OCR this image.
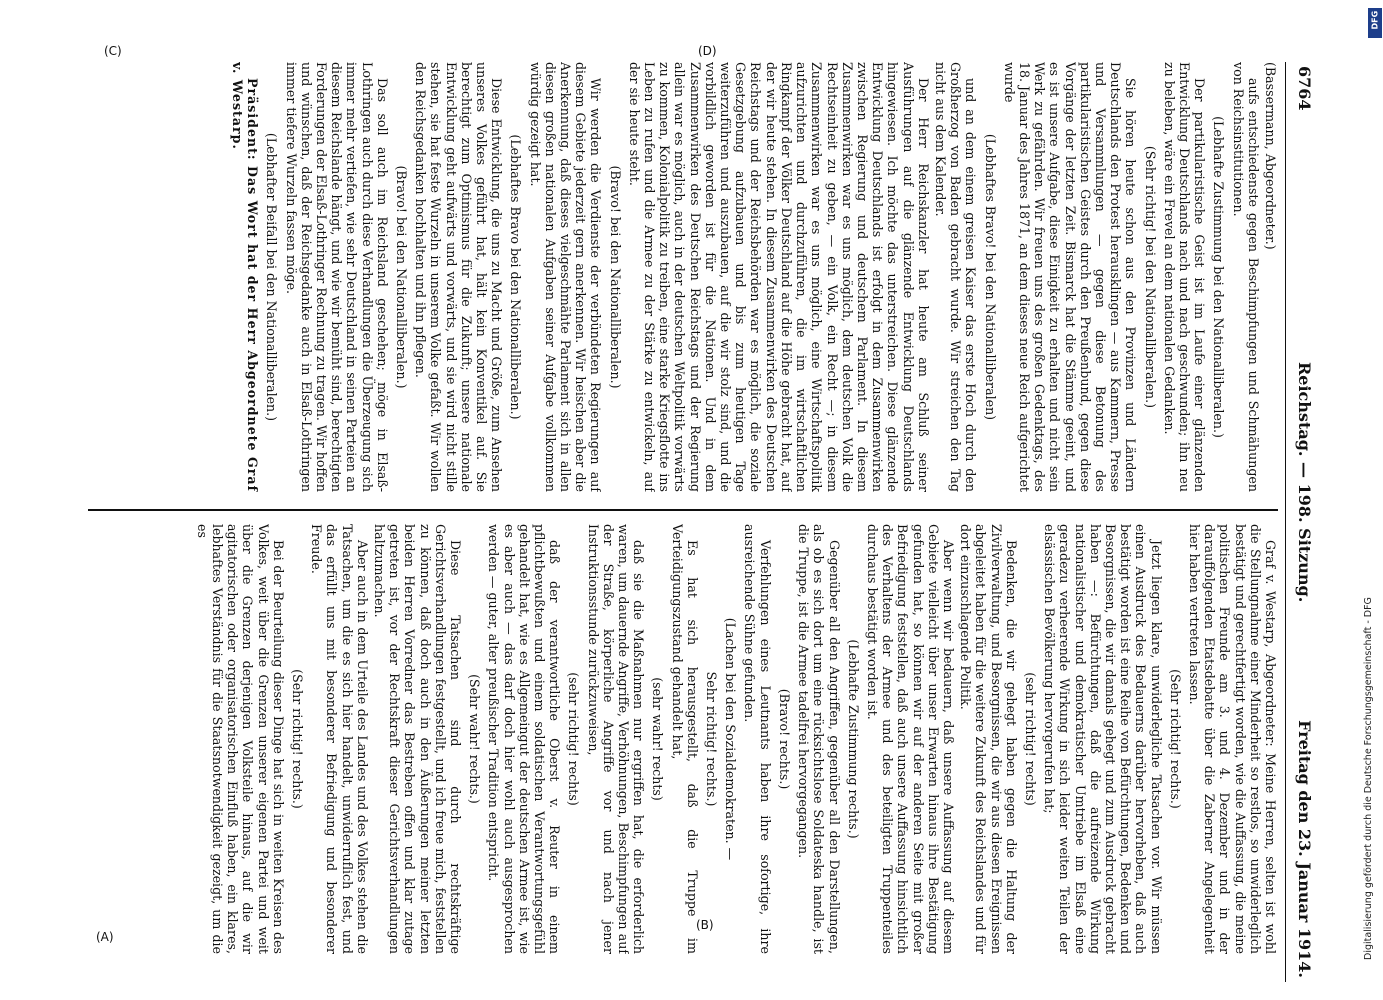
6764
Reichstag. — 198. Sitzung.
Freitag den 23. Januar 1914.

(Bassermann, Abgeordneter.)

aufs entschiedenste gegen Beschimpfungen und Schmähungen von Reichsinstitutionen.

(Lebhafte Zustimmung bei den Nationalliberalen.)

Der partikularistische Geist ist im Laufe einer glänzenden Entwicklung Deutschlands nach und nach geschwunden; ihn neu zu beleben, wäre ein Frevel an dem nationalen Gedanken.

(Sehr richtig! bei den Nationalliberalen.)

Sie hören heute schon aus den Provinzen und Ländern Deutschlands den Protest herausklingen — aus Kammern, Presse und Versammlungen — gegen diese Betonung des partikularistischen Geistes durch den Preußenbund, gegen diese Vorgänge der letzten Zeit. Bismarck hat die Stämme geeint, und es ist unsere Aufgabe, diese Einigkeit zu erhalten und nicht sein Werk zu gefährden. Wir freuen uns des großen Gedenktags, des 18. Januar des Jahres 1871, an dem dieses neue Reich aufgerichtet wurde

(Lebhaftes Bravo! bei den Nationalliberalen)

und an dem einem greisen Kaiser das erste Hoch durch den Großherzog von Baden gebracht wurde. Wir streichen den Tag nicht aus dem Kalender.

Der Herr Reichskanzler hat heute am Schluß seiner Ausführungen auf die glänzende Entwicklung Deutschlands hingewiesen. Ich möchte das unterstreichen. Diese glänzende Entwicklung Deutschlands ist erfolgt in dem Zusammenwirken zwischen Regierung und deutschem Parlament. In diesem Zusammenwirken war es uns möglich, dem deutschen Volk die Rechtseinheit zu geben, — ein Volk, ein Recht —; in diesem Zusammenwirken war es uns möglich, eine Wirtschaftspolitik aufzurichten und durchzuführen, die im wirtschaftlichen Ringkampf der Völker Deutschland auf die Höhe gebracht hat, auf der wir heute stehen. In diesem Zusammenwirken des Deutschen Reichstags und der Reichsbehörden war es möglich, die soziale Gesetzgebung aufzubauen und bis zum heutigen Tage weiterzuführen und auszubauen, auf die wir stolz sind, und die vorbildlich geworden ist für die Nationen. Und in dem Zusammenwirken des Deutschen Reichstags und der Regierung allein war es möglich, auch in der deutschen Weltpolitik vorwärts zu kommen, Kolonialpolitik zu treiben, eine starke Kriegsflotte ins Leben zu rufen und die Armee zu der Stärke zu entwickeln, auf der sie heute steht.

(Bravo! bei den Nationalliberalen.)

Wir werden die Verdienste der verbündeten Regierungen auf diesem Gebiete jederzeit gern anerkennen. Wir heischen aber die Anerkennung, daß dieses vielgeschmähte Parlament sich in allen diesen großen nationalen Aufgaben seiner Aufgabe vollkommen würdig gezeigt hat.

(Lebhaftes Bravo bei den Nationalliberalen.)

Diese Entwicklung, die uns zu Macht und Größe, zum Ansehen unseres Volkes geführt hat, hält kein Konventikel auf. Sie berechtigt zum Optimismus für die Zukunft; unsere nationale Entwicklung geht aufwärts und vorwärts, und sie wird nicht stille stehen, sie hat feste Wurzeln in unserem Volke gefaßt. Wir wollen den Reichsgedanken hochhalten und ihn pflegen.

(Bravo! bei den Nationalliberalen.)

Das soll auch im Reichsland geschehen; möge in Elsaß-Lothringen auch durch diese Verhandlungen die Überzeugung sich immer mehr vertiefen, wie sehr Deutschland in seinen Parteien an diesem Reichslande hängt, und wie wir bemüht sind, berechtigten Forderungen der Elsaß-Lothringer Rechnung zu tragen. Wir hoffen und wünschen, daß der Reichsgedanke auch in Elsaß-Lothringen immer tiefere Wurzeln fassen möge.

(Lebhafter Beifall bei den Nationalliberalen.)

Präsident: Das Wort hat der Herr Abgeordnete Graf v. Westarp.

Graf v. Westarp, Abgeordneter: Meine Herren, selten ist wohl die Stellungnahme einer Minderheit so restlos, so unwiderleglich bestätigt und gerechtfertigt worden, wie die Auffassung, die meine politischen Freunde am 3. und 4. Dezember und in der darauffolgenden Etatsdebatte über die Zaberner Angelegenheit hier haben vertreten lassen.

(Sehr richtig! rechts.)

Jetzt liegen klare, unwiderlegliche Tatsachen vor. Wir müssen einen Ausdruck des Bedauerns darüber hervorheben, daß auch bestätigt worden ist eine Reihe von Befürchtungen, Bedenken und Besorgnissen, die wir damals gehegt und zum Ausdruck gebracht haben —: Befürchtungen, daß die aufreizende Wirkung nationalistischer und demokratischer Umtriebe im Elsaß eine geradezu verheerende Wirkung in sich leider weiten Teilen der elsässischen Bevölkerung hervorgerufen hat;

(sehr richtig! rechts)

Bedenken, die wir gehegt haben gegen die Haltung der Zivilverwaltung, und Besorgnissen, die wir aus diesen Ereignissen abgeleitet haben für die weitere Zukunft des Reichslandes und für dort einzuschlagende Politik.

Aber wenn wir bedauern, daß unsere Auffassung auf diesem Gebiete vielleicht über unser Erwarten hinaus ihre Bestätigung gefunden hat, so können wir auf der anderen Seite mit großer Befriedigung feststellen, daß auch unsere Auffassung hinsichtlich des Verhaltens der Armee und des beteiligten Truppenteiles durchaus bestätigt worden ist.

(Lebhafte Zustimmung rechts.)

Gegenüber all den Angriffen, gegenüber all den Darstellungen, als ob es sich dort um eine rücksichtslose Soldateska handle, ist die Truppe, ist die Armee tadelfrei hervorgegangen.

(Bravo! rechts.)

Verfehlungen eines Leutnants haben ihre sofortige, ihre ausreichende Sühne gefunden.

(Lachen bei den Sozialdemokraten. —

Sehr richtig! rechts.)

Es hat sich herausgestellt, daß die Truppe im Verteidigungszustand gehandelt hat,

(sehr wahr! rechts)

daß sie die Maßnahmen nur ergriffen hat, die erforderlich waren, um dauernde Angriffe, Verhöhnungen, Beschimpfungen auf der Straße, körperliche Angriffe vor und nach jener Instruktionsstunde zurückzuweisen,

(sehr richtig! rechts)

daß der verantwortliche Oberst v. Reuter in einem pflichtbewußten und einem soldatischen Verantwortungsgefühl gehandelt hat, wie es Allgemeingut der deutschen Armee ist, wie es aber auch — das darf doch hier wohl auch ausgesprochen werden — guter, alter preußischer Tradition entspricht.

(Sehr wahr! rechts.)

Diese Tatsachen sind durch rechtskräftige Gerichtsverhandlungen festgestellt, und ich freue mich, feststellen zu können, daß doch auch in den Äußerungen meiner letzten beiden Herren Vorredner das Bestreben offen und klar zutage getreten ist, vor der Rechtskraft dieser Gerichtsverhandlungen haltzumachen.

Aber auch in dem Urteile des Landes und des Volkes stehen die Tatsachen, um die es sich hier handelt, unwiderruflich fest, und das erfüllt uns mit besonderer Befriedigung und besonderer Freude.

(Sehr richtig! rechts.)

Bei der Beurteilung dieser Dinge hat sich in weiten Kreisen des Volkes, weit über die Grenzen unserer eigenen Partei und weit über die Grenzen derjenigen Volksteile hinaus, auf die wir agitatorischen oder organisatorischen Einfluß haben, ein klares, lebhaftes Verständnis für die Staatsnotwendigkeit gezeigt, um die es

(A)
(B)
(C)	(D)
DFG
Digitalisierung gefördert durch die Deutsche Forschungsgemeinschaft - DFG
